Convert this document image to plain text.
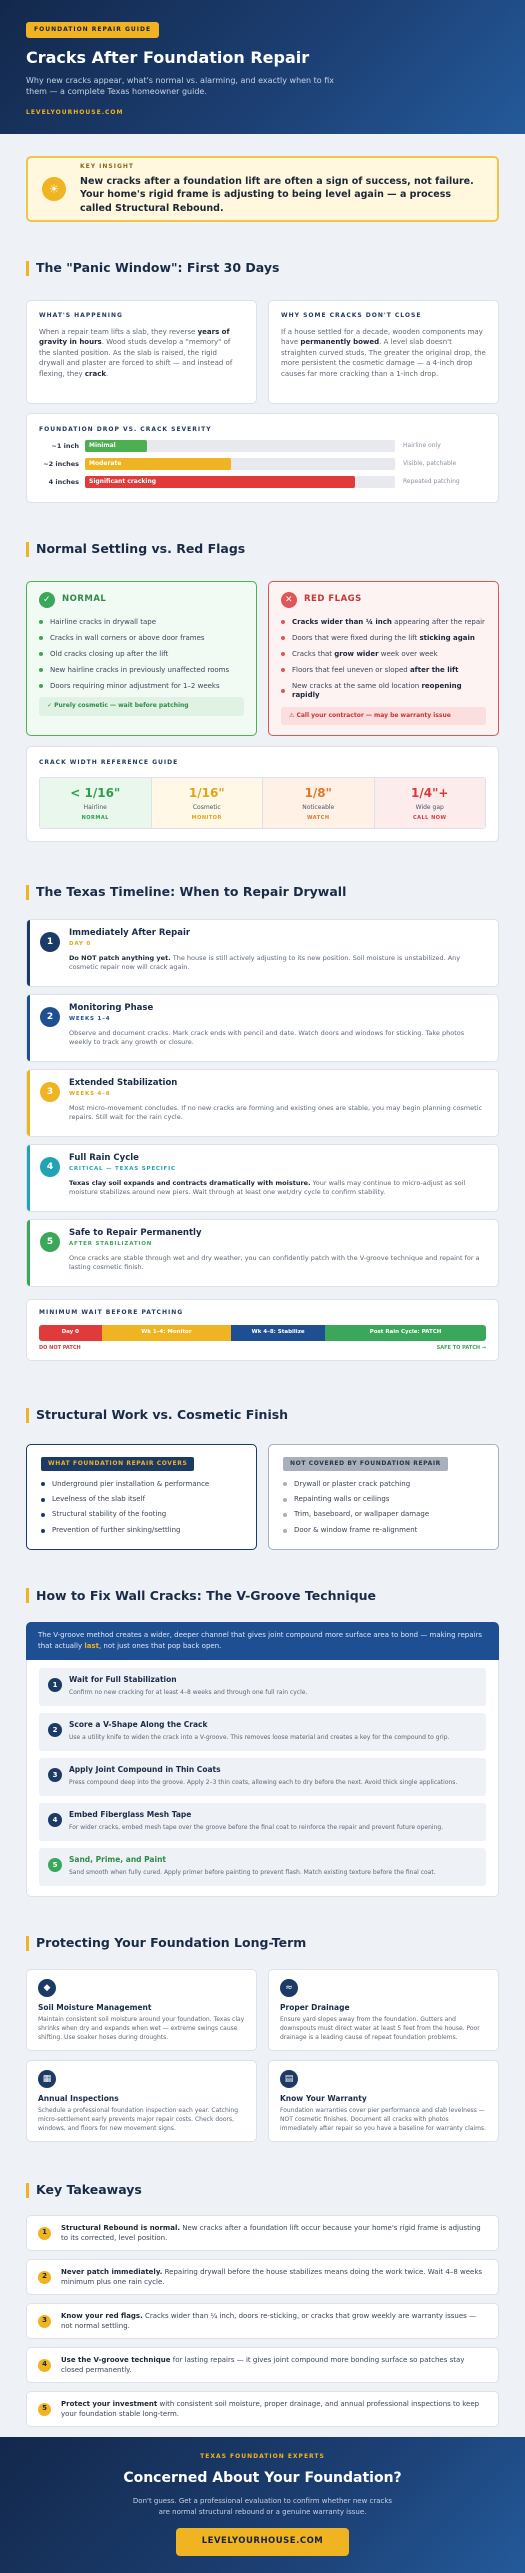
FOUNDATION REPAIR GUIDE
Cracks After Foundation Repair
Why new cracks appear, what's normal vs. alarming, and exactly when to fix them — a complete Texas homeowner guide.
LEVELYOURHOUSE.COM
☀
KEY INSIGHT
New cracks after a foundation lift are often a sign of success, not failure. Your home's rigid frame is adjusting to being level again — a process called Structural Rebound.
The "Panic Window": First 30 Days
WHAT'S HAPPENING

When a repair team lifts a slab, they reverse years of gravity in hours. Wood studs develop a "memory" of the slanted position. As the slab is raised, the rigid drywall and plaster are forced to shift — and instead of flexing, they crack.

WHY SOME CRACKS DON'T CLOSE

If a house settled for a decade, wooden components may have permanently bowed. A level slab doesn't straighten curved studs. The greater the original drop, the more persistent the cosmetic damage — a 4-inch drop causes far more cracking than a 1-inch drop.

FOUNDATION DROP VS. CRACK SEVERITY
~1 inch	Minimal	Hairline only
~2 inches	Moderate	Visible, patchable
4 inches	Significant cracking	Repeated patching
Normal Settling vs. Red Flags
✓	NORMAL
Hairline cracks in drywall tape
Cracks in wall corners or above door frames
Old cracks closing up after the lift
New hairline cracks in previously unaffected rooms
Doors requiring minor adjustment for 1–2 weeks
✓ Purely cosmetic — wait before patching
✕	RED FLAGS
Cracks wider than ¼ inch appearing after the repair
Doors that were fixed during the lift sticking again
Cracks that grow wider week over week
Floors that feel uneven or sloped after the lift
New cracks at the same old location reopening rapidly
⚠ Call your contractor — may be warranty issue
CRACK WIDTH REFERENCE GUIDE
< 1/16"
Hairline
NORMAL
1/16"
Cosmetic
MONITOR
1/8"
Noticeable
WATCH
1/4"+
Wide gap
CALL NOW
The Texas Timeline: When to Repair Drywall
1
Immediately After Repair
DAY 0
Do NOT patch anything yet. The house is still actively adjusting to its new position. Soil moisture is unstabilized. Any cosmetic repair now will crack again.
2
Monitoring Phase
WEEKS 1–4
Observe and document cracks. Mark crack ends with pencil and date. Watch doors and windows for sticking. Take photos weekly to track any growth or closure.
3
Extended Stabilization
WEEKS 4–8
Most micro-movement concludes. If no new cracks are forming and existing ones are stable, you may begin planning cosmetic repairs. Still wait for the rain cycle.
4
Full Rain Cycle
CRITICAL — TEXAS SPECIFIC
Texas clay soil expands and contracts dramatically with moisture. Your walls may continue to micro-adjust as soil moisture stabilizes around new piers. Wait through at least one wet/dry cycle to confirm stability.
5
Safe to Repair Permanently
AFTER STABILIZATION
Once cracks are stable through wet and dry weather, you can confidently patch with the V-groove technique and repaint for a lasting cosmetic finish.
MINIMUM WAIT BEFORE PATCHING
Day 0	Wk 1–4: Monitor	Wk 4–8: Stabilize	Post Rain Cycle: PATCH
DO NOT PATCH	SAFE TO PATCH →
Structural Work vs. Cosmetic Finish
WHAT FOUNDATION REPAIR COVERS
Underground pier installation & performance
Levelness of the slab itself
Structural stability of the footing
Prevention of further sinking/settling
NOT COVERED BY FOUNDATION REPAIR
Drywall or plaster crack patching
Repainting walls or ceilings
Trim, baseboard, or wallpaper damage
Door & window frame re-alignment
How to Fix Wall Cracks: The V-Groove Technique
The V-groove method creates a wider, deeper channel that gives joint compound more surface area to bond — making repairs that actually last, not just ones that pop back open.
1
Wait for Full Stabilization
Confirm no new cracking for at least 4–8 weeks and through one full rain cycle.
2
Score a V-Shape Along the Crack
Use a utility knife to widen the crack into a V-groove. This removes loose material and creates a key for the compound to grip.
3
Apply Joint Compound in Thin Coats
Press compound deep into the groove. Apply 2–3 thin coats, allowing each to dry before the next. Avoid thick single applications.
4
Embed Fiberglass Mesh Tape
For wider cracks, embed mesh tape over the groove before the final coat to reinforce the repair and prevent future opening.
5
Sand, Prime, and Paint
Sand smooth when fully cured. Apply primer before painting to prevent flash. Match existing texture before the final coat.
Protecting Your Foundation Long-Term
◆
Soil Moisture Management
Maintain consistent soil moisture around your foundation. Texas clay shrinks when dry and expands when wet — extreme swings cause shifting. Use soaker hoses during droughts.
≈
Proper Drainage
Ensure yard slopes away from the foundation. Gutters and downspouts must direct water at least 5 feet from the house. Poor drainage is a leading cause of repeat foundation problems.
▦
Annual Inspections
Schedule a professional foundation inspection each year. Catching micro-settlement early prevents major repair costs. Check doors, windows, and floors for new movement signs.
▤
Know Your Warranty
Foundation warranties cover pier performance and slab levelness — NOT cosmetic finishes. Document all cracks with photos immediately after repair so you have a baseline for warranty claims.
Key Takeaways
1
Structural Rebound is normal. New cracks after a foundation lift occur because your home's rigid frame is adjusting to its corrected, level position.
2
Never patch immediately. Repairing drywall before the house stabilizes means doing the work twice. Wait 4–8 weeks minimum plus one rain cycle.
3
Know your red flags. Cracks wider than ¼ inch, doors re-sticking, or cracks that grow weekly are warranty issues — not normal settling.
4
Use the V-groove technique for lasting repairs — it gives joint compound more bonding surface so patches stay closed permanently.
5
Protect your investment with consistent soil moisture, proper drainage, and annual professional inspections to keep your foundation stable long-term.
TEXAS FOUNDATION EXPERTS
Concerned About Your Foundation?
Don't guess. Get a professional evaluation to confirm whether new cracks
are normal structural rebound or a genuine warranty issue.
LEVELYOURHOUSE.COM
